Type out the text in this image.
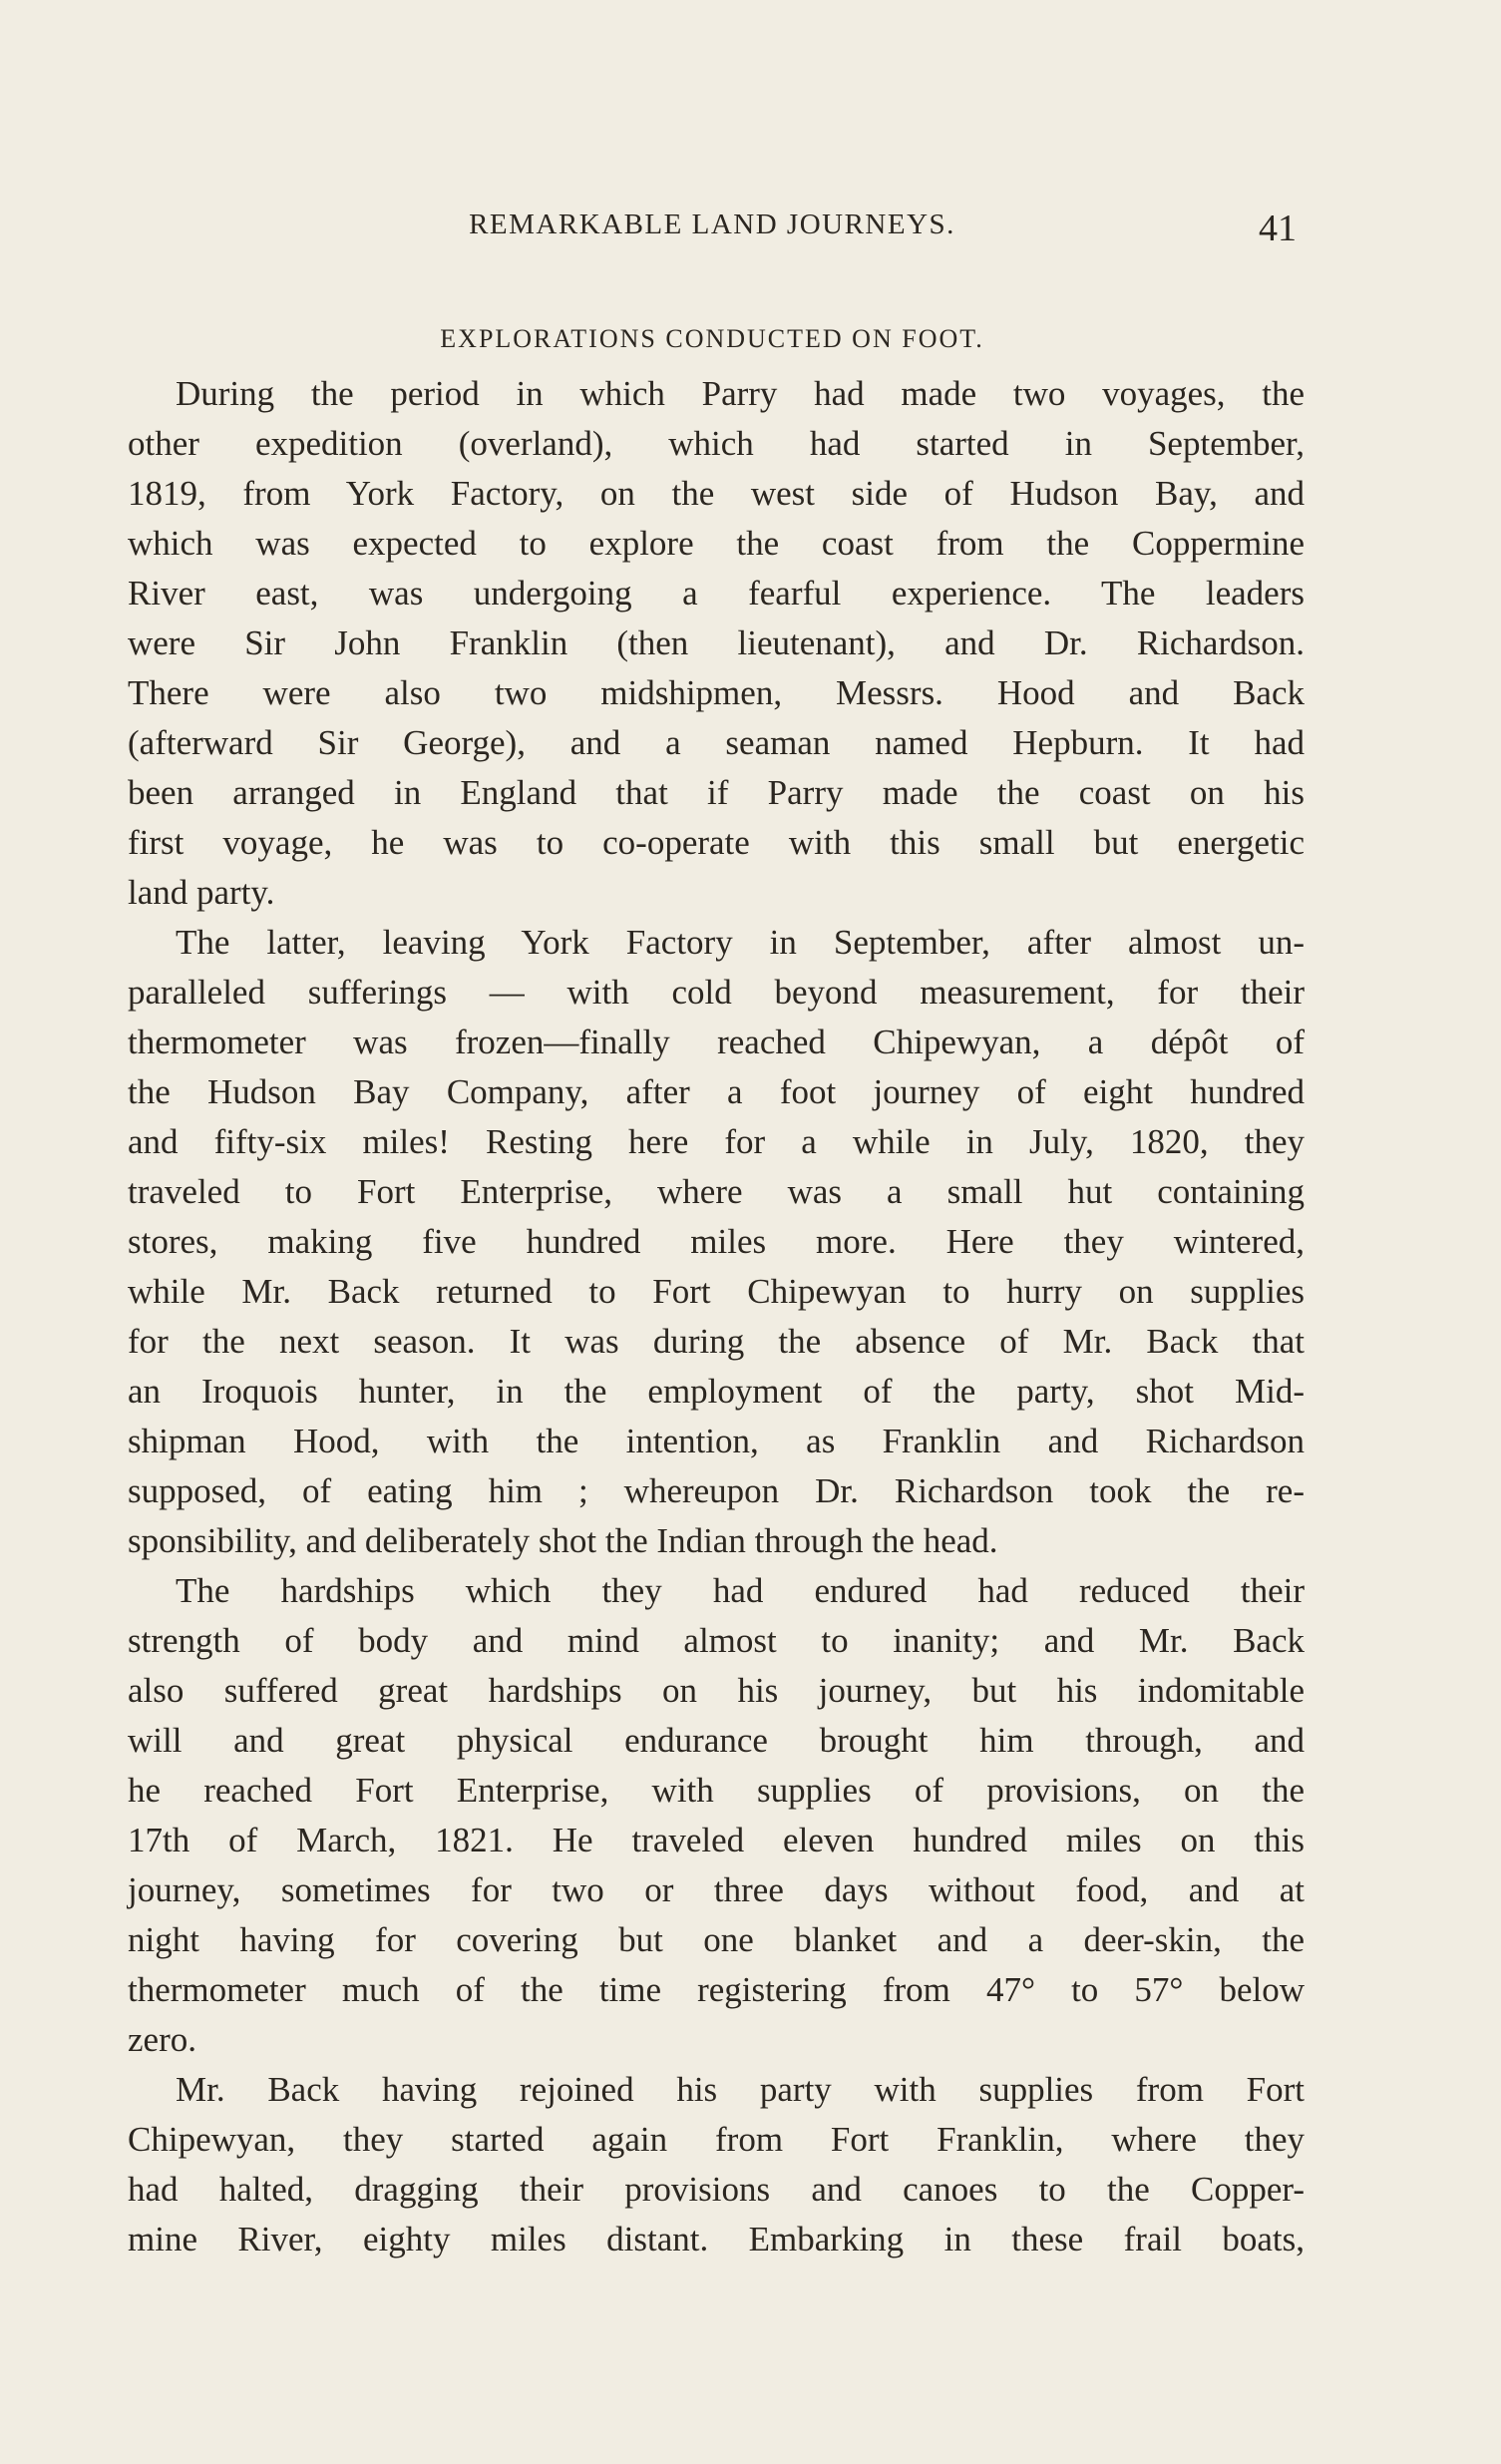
REMARKABLE LAND JOURNEYS.	41
EXPLORATIONS CONDUCTED ON FOOT.
During the period in which Parry had made two voyages, the
other expedition (overland), which had started in September,
1819, from York Factory, on the west side of Hudson Bay, and
which was expected to explore the coast from the Coppermine
River east, was undergoing a fearful experience. The leaders
were Sir John Franklin (then lieutenant), and Dr. Richardson.
There were also two midshipmen, Messrs. Hood and Back
(afterward Sir George), and a seaman named Hepburn. It had
been arranged in England that if Parry made the coast on his
first voyage, he was to co-operate with this small but energetic
land party.
The latter, leaving York Factory in September, after almost un-
paralleled sufferings — with cold beyond measurement, for their
thermometer was frozen—finally reached Chipewyan, a dépôt of
the Hudson Bay Company, after a foot journey of eight hundred
and fifty-six miles! Resting here for a while in July, 1820, they
traveled to Fort Enterprise, where was a small hut containing
stores, making five hundred miles more. Here they wintered,
while Mr. Back returned to Fort Chipewyan to hurry on supplies
for the next season. It was during the absence of Mr. Back that
an Iroquois hunter, in the employment of the party, shot Mid-
shipman Hood, with the intention, as Franklin and Richardson
supposed, of eating him ; whereupon Dr. Richardson took the re-
sponsibility, and deliberately shot the Indian through the head.
The hardships which they had endured had reduced their
strength of body and mind almost to inanity; and Mr. Back
also suffered great hardships on his journey, but his indomitable
will and great physical endurance brought him through, and
he reached Fort Enterprise, with supplies of provisions, on the
17th of March, 1821. He traveled eleven hundred miles on this
journey, sometimes for two or three days without food, and at
night having for covering but one blanket and a deer-skin, the
thermometer much of the time registering from 47° to 57° below
zero.
Mr. Back having rejoined his party with supplies from Fort
Chipewyan, they started again from Fort Franklin, where they
had halted, dragging their provisions and canoes to the Copper-
mine River, eighty miles distant. Embarking in these frail boats,
